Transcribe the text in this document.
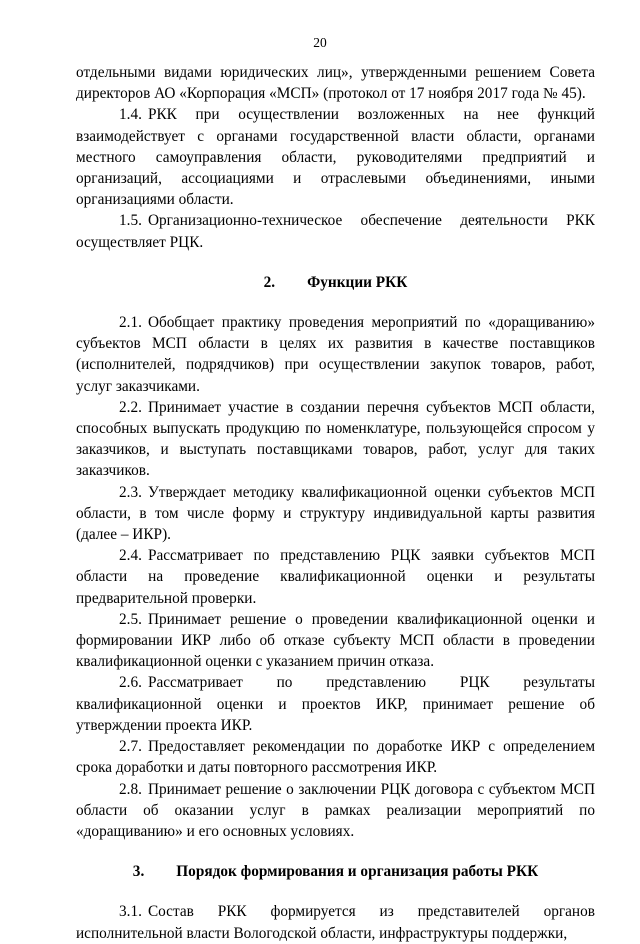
20

отдельными видами юридических лиц», утвержденными решением Совета директоров АО «Корпорация «МСП» (протокол от 17 ноября 2017 года № 45).

1.4. РКК при осуществлении возложенных на нее функций взаимодействует с органами государственной власти области, органами местного самоуправления области, руководителями предприятий и организаций, ассоциациями и отраслевыми объединениями, иными организациями области.

1.5. Организационно-техническое обеспечение деятельности РКК осуществляет РЦК.

2. Функции РКК

2.1. Обобщает практику проведения мероприятий по «доращиванию» субъектов МСП области в целях их развития в качестве поставщиков (исполнителей, подрядчиков) при осуществлении закупок товаров, работ, услуг заказчиками.

2.2. Принимает участие в создании перечня субъектов МСП области, способных выпускать продукцию по номенклатуре, пользующейся спросом у заказчиков, и выступать поставщиками товаров, работ, услуг для таких заказчиков.

2.3. Утверждает методику квалификационной оценки субъектов МСП области, в том числе форму и структуру индивидуальной карты развития (далее – ИКР).

2.4. Рассматривает по представлению РЦК заявки субъектов МСП области на проведение квалификационной оценки и результаты предварительной проверки.

2.5. Принимает решение о проведении квалификационной оценки и формировании ИКР либо об отказе субъекту МСП области в проведении квалификационной оценки с указанием причин отказа.

2.6. Рассматривает по представлению РЦК результаты квалификационной оценки и проектов ИКР, принимает решение об утверждении проекта ИКР.

2.7. Предоставляет рекомендации по доработке ИКР с определением срока доработки и даты повторного рассмотрения ИКР.

2.8. Принимает решение о заключении РЦК договора с субъектом МСП области об оказании услуг в рамках реализации мероприятий по «доращиванию» и его основных условиях.

3. Порядок формирования и организация работы РКК

3.1. Состав РКК формируется из представителей органов исполнительной власти Вологодской области, инфраструктуры поддержки,
